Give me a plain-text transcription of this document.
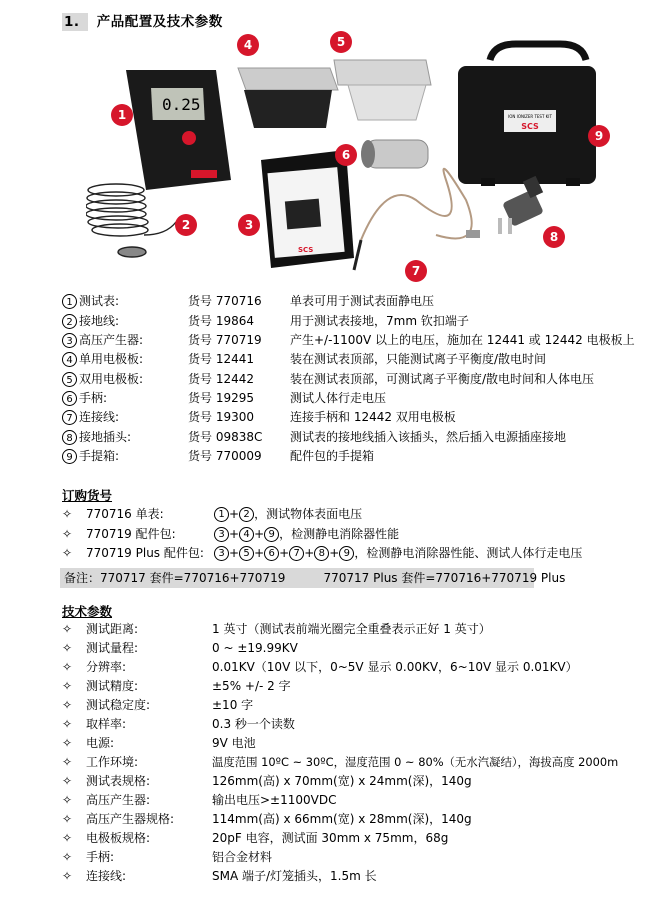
1. 产品配置及技术参数
0.25
SCS
ION IONIZER TEST KIT
SCS
1
2	3
4	5
6
7
8
9
1 测试表:	货号 770716 单表可用于测试表面静电压
2 接地线:	货号 19864	用于测试表接地，7mm 钦扣端子
3 高压产生器:	货号 770719 产生+/-1100V 以上的电压，施加在 12441 或 12442 电极板上
4 单用电极板:	货号 12441	装在测试表顶部，只能测试离子平衡度/散电时间
5 双用电极板:	货号 12442	装在测试表顶部，可测试离子平衡度/散电时间和人体电压
6 手柄:	货号 19295	测试人体行走电压
7 连接线:	货号 19300	连接手柄和 12442 双用电极板
8 接地插头:	货号 09838C 测试表的接地线插入该插头，然后插入电源插座接地
9 手提箱:	货号 770009 配件包的手提箱
订购货号
✧ 770716 单表:	1 + 2 ，测试物体表面电压
✧ 770719 配件包:	3 + 4 + 9 ，检测静电消除器性能
✧ 770719 Plus 配件包:	3 + 5 + 6 + 7 + 8 + 9 ，检测静电消除器性能、测试人体行走电压
备注：770717 套件=770716+770719          770717 Plus 套件=770716+770719 Plus
技术参数
✧ 测试距离:	1 英寸（测试表前端光圈完全重叠表示正好 1 英寸）
✧ 测试量程:	0 ~ ±19.99KV
✧ 分辨率:	0.01KV（10V 以下，0~5V 显示 0.00KV，6~10V 显示 0.01KV）
✧ 测试精度:	±5% +/- 2 字
✧ 测试稳定度:	±10 字
✧ 取样率:	0.3 秒一个读数
✧ 电源:	9V 电池
✧ 工作环境:	温度范围 10ºC ~ 30ºC，湿度范围 0 ~ 80%（无水汽凝结），海拔高度 2000m
✧ 测试表规格:	126mm(高) x 70mm(宽) x 24mm(深)，140g
✧ 高压产生器:	输出电压>±1100VDC
✧ 高压产生器规格:	114mm(高) x 66mm(宽) x 28mm(深)，140g
✧ 电极板规格:	20pF 电容，测试面 30mm x 75mm，68g
✧ 手柄:	铝合金材料
✧ 连接线:	SMA 端子/灯笼插头，1.5m 长
